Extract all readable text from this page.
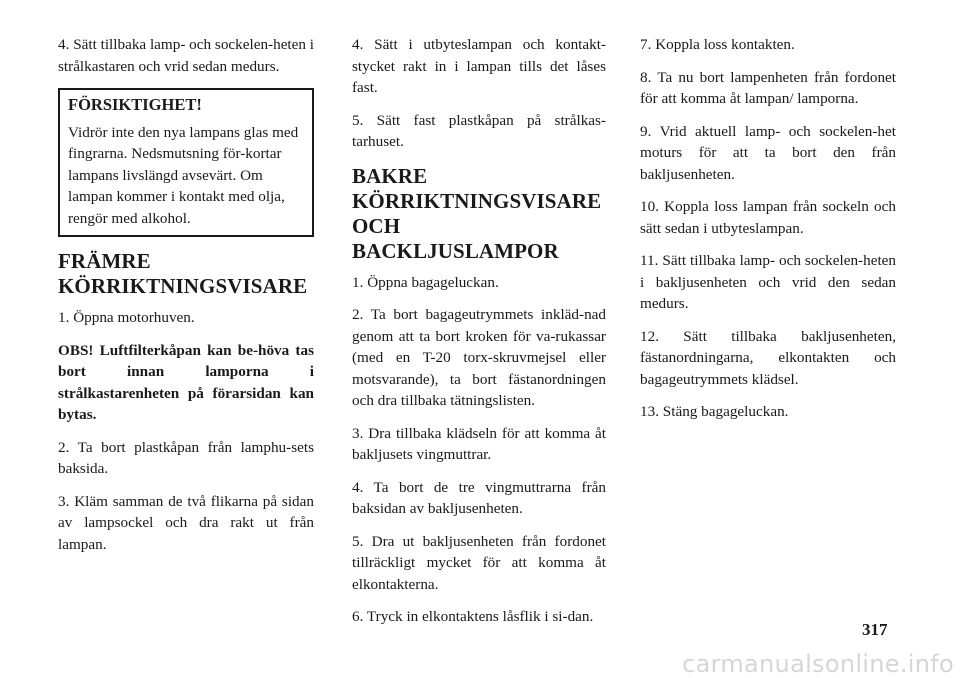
4. Sätt tillbaka lamp- och sockelen-heten i strålkastaren och vrid sedan medurs.

FÖRSIKTIGHET!
Vidrör inte den nya lampans glas med fingrarna. Nedsmutsning för-kortar lampans livslängd avsevärt. Om lampan kommer i kontakt med olja, rengör med alkohol.
FRÄMRE KÖRRIKTNINGSVISARE

1. Öppna motorhuven.

OBS! Luftfilterkåpan kan be-höva tas bort innan lamporna i strålkastarenheten på förarsidan kan bytas.

2. Ta bort plastkåpan från lamphu-sets baksida.

3. Kläm samman de två flikarna på sidan av lampsockel och dra rakt ut från lampan.

4. Sätt i utbyteslampan och kontakt-stycket rakt in i lampan tills det låses fast.

5. Sätt fast plastkåpan på strålkas-tarhuset.

BAKRE KÖRRIKTNINGSVISARE OCH BACKLJUSLAMPOR

1. Öppna bagageluckan.

2. Ta bort bagageutrymmets inkläd-nad genom att ta bort kroken för va-rukassar (med en T-20 torx-skruvmejsel eller motsvarande), ta bort fästanordningen och dra tillbaka tätningslisten.

3. Dra tillbaka klädseln för att komma åt bakljusets vingmuttrar.

4. Ta bort de tre vingmuttrarna från baksidan av bakljusenheten.

5. Dra ut bakljusenheten från fordonet tillräckligt mycket för att komma åt elkontakterna.

6. Tryck in elkontaktens låsflik i si-dan.

7. Koppla loss kontakten.

8. Ta nu bort lampenheten från fordonet för att komma åt lampan/ lamporna.

9. Vrid aktuell lamp- och sockelen-het moturs för att ta bort den från bakljusenheten.

10. Koppla loss lampan från sockeln och sätt sedan i utbyteslampan.

11. Sätt tillbaka lamp- och sockelen-heten i bakljusenheten och vrid den sedan medurs.

12. Sätt tillbaka bakljusenheten, fästanordningarna, elkontakten och bagageutrymmets klädsel.

13. Stäng bagageluckan.

317
carmanualsonline.info
